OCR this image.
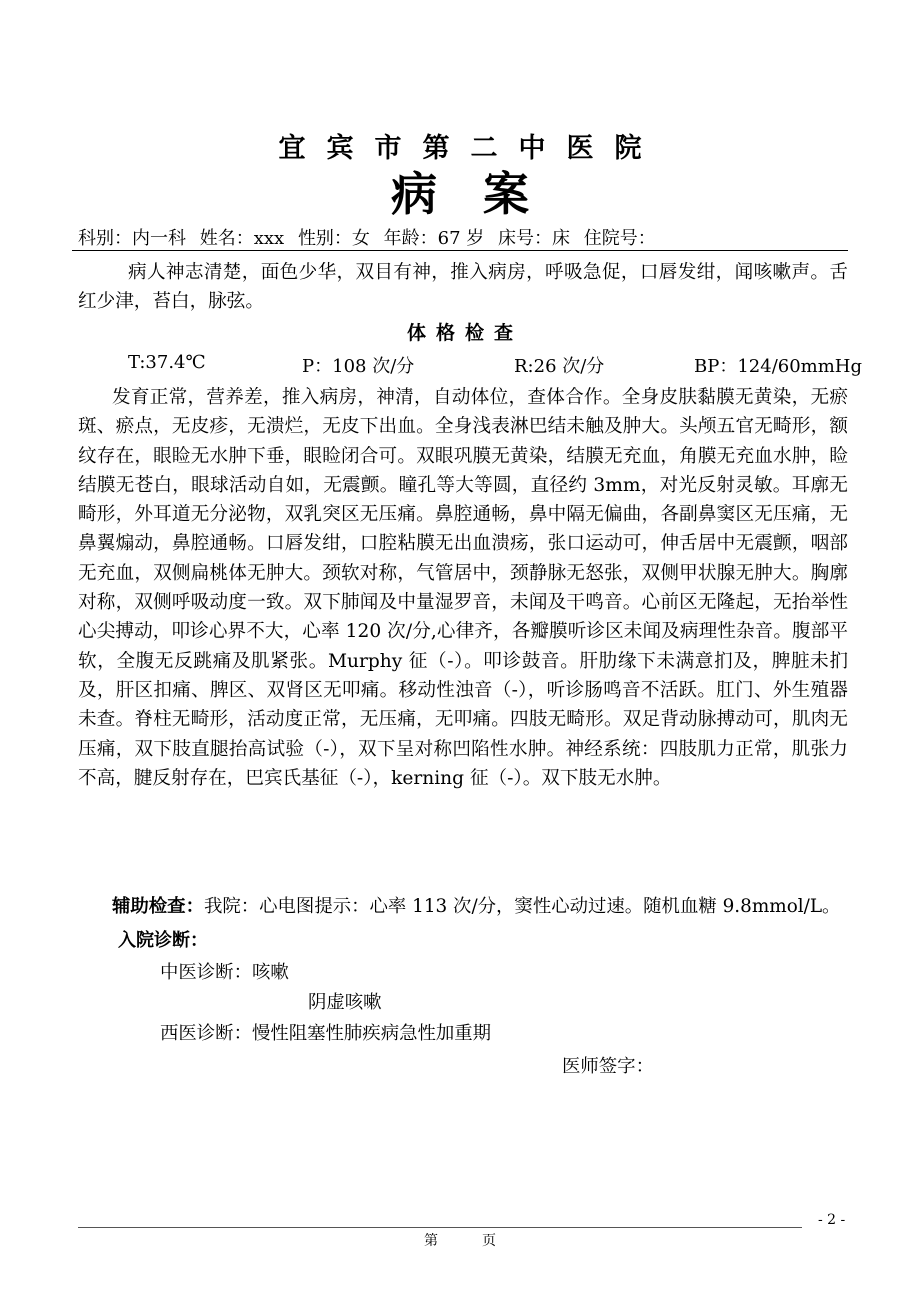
宜宾市第二中医院
病案
科别：内一科 姓名：xxx 性别：女 年龄：67 岁 床号：床 住院号：

病人神志清楚，面色少华，双目有神，推入病房，呼吸急促，口唇发绀，闻咳嗽声。舌红少津，苔白，脉弦。

体格检查
T:37.4℃	P：108 次/分	R:26 次/分	BP：124/60mmHg

发育正常，营养差，推入病房，神清，自动体位，查体合作。全身皮肤黏膜无黄染，无瘀斑、瘀点，无皮疹，无溃烂，无皮下出血。全身浅表淋巴结未触及肿大。头颅五官无畸形，额纹存在，眼睑无水肿下垂，眼睑闭合可。双眼巩膜无黄染，结膜无充血，角膜无充血水肿，睑结膜无苍白，眼球活动自如，无震颤。瞳孔等大等圆，直径约 3mm，对光反射灵敏。耳廓无畸形，外耳道无分泌物，双乳突区无压痛。鼻腔通畅，鼻中隔无偏曲，各副鼻窦区无压痛，无鼻翼煽动，鼻腔通畅。口唇发绀，口腔粘膜无出血溃疡，张口运动可，伸舌居中无震颤，咽部无充血，双侧扁桃体无肿大。颈软对称，气管居中，颈静脉无怒张，双侧甲状腺无肿大。胸廓对称，双侧呼吸动度一致。双下肺闻及中量湿罗音，未闻及干鸣音。心前区无隆起，无抬举性心尖搏动，叩诊心界不大，心率 120 次/分,心律齐，各瓣膜听诊区未闻及病理性杂音。腹部平软，全腹无反跳痛及肌紧张。Murphy 征（-）。叩诊鼓音。肝肋缘下未满意扪及，脾脏未扪及，肝区扣痛、脾区、双肾区无叩痛。移动性浊音（-），听诊肠鸣音不活跃。肛门、外生殖器未查。脊柱无畸形，活动度正常，无压痛，无叩痛。四肢无畸形。双足背动脉搏动可，肌肉无压痛，双下肢直腿抬高试验（-），双下呈对称凹陷性水肿。神经系统：四肢肌力正常，肌张力不高，腱反射存在，巴宾氏基征（-），kerning 征（-）。双下肢无水肿。

辅助检查：我院：心电图提示：心率 113 次/分，窦性心动过速。随机血糖 9.8mmol/L。
入院诊断：
中医诊断：咳嗽
阴虚咳嗽
西医诊断：慢性阻塞性肺疾病急性加重期
医师签字：
- 2 -
第	页
